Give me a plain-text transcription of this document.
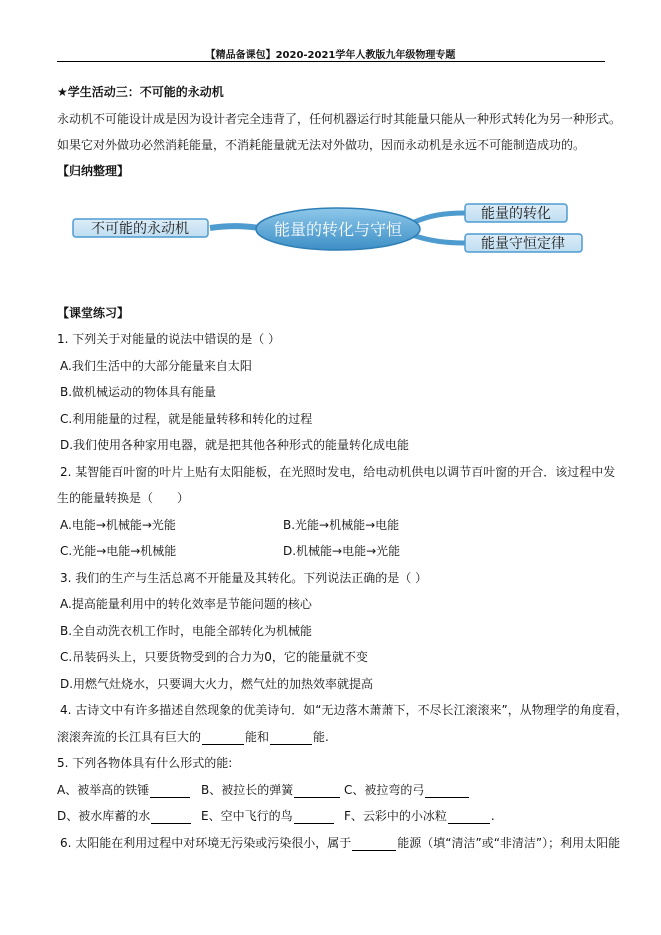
【精品备课包】2020-2021学年人教版九年级物理专题
★学生活动三：不可能的永动机
永动机不可能设计成是因为设计者完全违背了，任何机器运行时其能量只能从一种形式转化为另一种形式。
如果它对外做功必然消耗能量，不消耗能量就无法对外做功，因而永动机是永远不可能制造成功的。
【归纳整理】
不可能的永动机	能量的转化与守恒
能量的转化
能量守恒定律
【课堂练习】
1. 下列关于对能量的说法中错误的是（ ）
A.我们生活中的大部分能量来自太阳
B.做机械运动的物体具有能量
C.利用能量的过程，就是能量转移和转化的过程
D.我们使用各种家用电器，就是把其他各种形式的能量转化成电能
2. 某智能百叶窗的叶片上贴有太阳能板，在光照时发电，给电动机供电以调节百叶窗的开合．该过程中发
生的能量转换是（　　）
A.电能→机械能→光能	B.光能→机械能→电能
C.光能→电能→机械能	D.机械能→电能→光能
3. 我们的生产与生活总离不开能量及其转化。下列说法正确的是（ ）
A.提高能量利用中的转化效率是节能问题的核心
B.全自动洗衣机工作时，电能全部转化为机械能
C.吊装码头上，只要货物受到的合力为0，它的能量就不变
D.用燃气灶烧水，只要调大火力，燃气灶的加热效率就提高
4. 古诗文中有许多描述自然现象的优美诗句．如“无边落木萧萧下，不尽长江滚滚来”，从物理学的角度看，
滚滚奔流的长江具有巨大的	能和	能.
5. 下列各物体具有什么形式的能:
A、被举高的铁锤	B、被拉长的弹簧	C、被拉弯的弓
D、被水库蓄的水	E、空中飞行的鸟	F、云彩中的小冰粒	.
6. 太阳能在利用过程中对环境无污染或污染很小，属于	能源（填“清洁”或“非清洁”）；利用太阳能
